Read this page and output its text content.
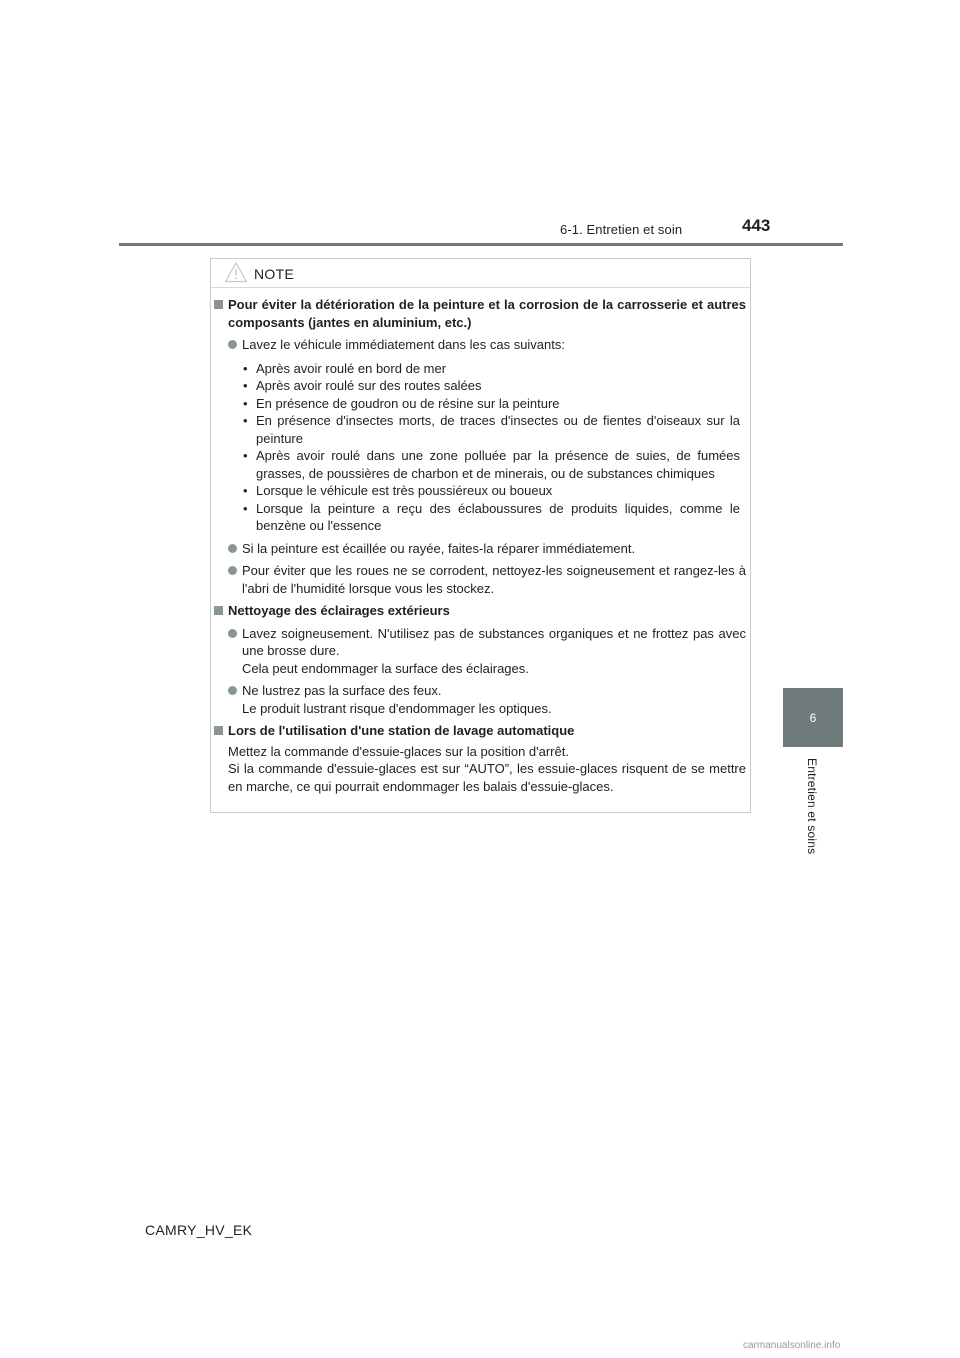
6-1. Entretien et soin	443
6
Entretien et soins
NOTE
Pour éviter la détérioration de la peinture et la corrosion de la carrosserie et autres composants (jantes en aluminium, etc.)
Lavez le véhicule immédiatement dans les cas suivants:
• Après avoir roulé en bord de mer
• Après avoir roulé sur des routes salées
• En présence de goudron ou de résine sur la peinture
• En présence d'insectes morts, de traces d'insectes ou de fientes d'oiseaux sur la peinture
• Après avoir roulé dans une zone polluée par la présence de suies, de fumées grasses, de poussières de charbon et de minerais, ou de substances chimiques
• Lorsque le véhicule est très poussiéreux ou boueux
• Lorsque la peinture a reçu des éclaboussures de produits liquides, comme le benzène ou l'essence
Si la peinture est écaillée ou rayée, faites-la réparer immédiatement.
Pour éviter que les roues ne se corrodent, nettoyez-les soigneusement et rangez-les à l'abri de l'humidité lorsque vous les stockez.
Nettoyage des éclairages extérieurs
Lavez soigneusement. N'utilisez pas de substances organiques et ne frottez pas avec une brosse dure.
Cela peut endommager la surface des éclairages.
Ne lustrez pas la surface des feux.
Le produit lustrant risque d'endommager les optiques.
Lors de l'utilisation d'une station de lavage automatique
Mettez la commande d'essuie-glaces sur la position d'arrêt.
Si la commande d'essuie-glaces est sur “AUTO”, les essuie-glaces risquent de se mettre en marche, ce qui pourrait endommager les balais d'essuie-glaces.
CAMRY_HV_EK
carmanualsonline.info
